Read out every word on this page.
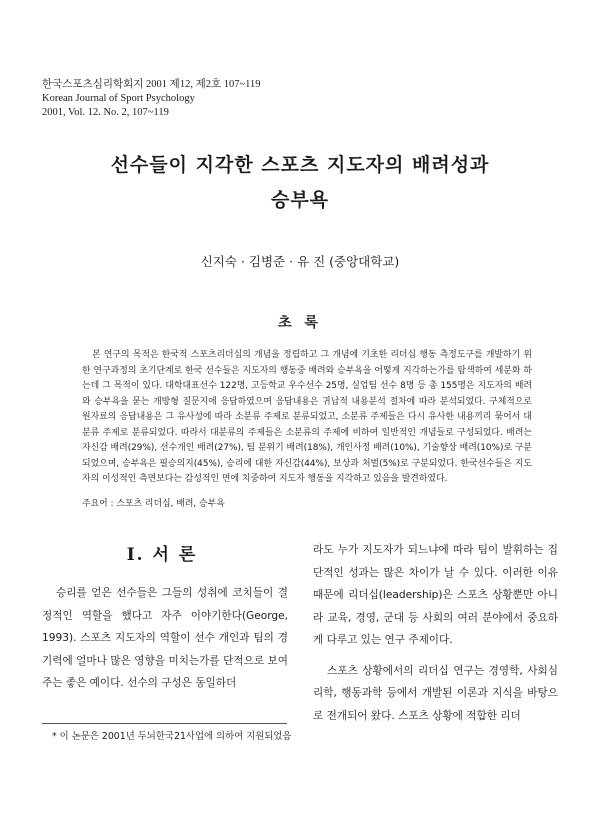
한국스포츠심리학회지 2001 제12, 제2호 107~119
Korean Journal of Sport Psychology
2001, Vol. 12. No. 2, 107~119
선수들이 지각한 스포츠 지도자의 배려성과
승부욕
신지숙 · 김병준 · 유 진 (중앙대학교)
초 록
본 연구의 목적은 한국적 스포츠리더십의 개념을 정립하고 그 개념에 기초한 리더십 행동 측정도구를 개발하기 위한 연구과정의 초기단계로 한국 선수들은 지도자의 행동중 배려와 승부욕을 어떻게 지각하는가를 탐색하여 세분화 하는데 그 목적이 있다. 대학대표선수 122명, 고등학교 우수선수 25명, 실업팀 선수 8명 등 총 155명은 지도자의 배려와 승부욕을 묻는 개방형 질문지에 응답하였으며 응답내용은 귀납적 내용분석 절차에 따라 분석되었다. 구체적으로 원자료의 응답내용은 그 유사성에 따라 소분류 주제로 분류되었고, 소분류 주제들은 다시 유사한 내용끼리 묶어서 대분류 주제로 분류되었다. 따라서 대분류의 주제들은 소분류의 주제에 비하여 일반적인 개념들로 구성되었다. 배려는 자신감 배려(29%), 선수개인 배려(27%), 팀 분위기 배려(18%), 개인사정 배려(10%), 기술향상 배려(10%)로 구분되었으며, 승부욕은 필승의지(45%), 승리에 대한 자신감(44%), 보상과 처벌(5%)로 구분되었다. 한국선수들은 지도자의 이성적인 측면보다는 감성적인 면에 치중하여 지도자 행동을 지각하고 있음을 발견하였다.
주요어 : 스포츠 리더십, 배려, 승부욕
Ⅰ. 서 론

승리를 얻은 선수들은 그들의 성취에 코치들이 결정적인 역할을 했다고 자주 이야기한다(George, 1993). 스포츠 지도자의 역할이 선수 개인과 팀의 경기력에 얼마나 많은 영향을 미치는가를 단적으로 보여주는 좋은 예이다. 선수의 구성은 동일하더

라도 누가 지도자가 되느냐에 따라 팀이 발휘하는 집단적인 성과는 많은 차이가 날 수 있다. 이러한 이유 때문에 리더십(leadership)은 스포츠 상황뿐만 아니라 교육, 경영, 군대 등 사회의 여러 분야에서 중요하게 다루고 있는 연구 주제이다.

스포츠 상황에서의 리더십 연구는 경영학, 사회심리학, 행동과학 등에서 개발된 이론과 지식을 바탕으로 전개되어 왔다. 스포츠 상황에 적합한 리더

* 이 논문은 2001년 두뇌한국21사업에 의하여 지원되었음
